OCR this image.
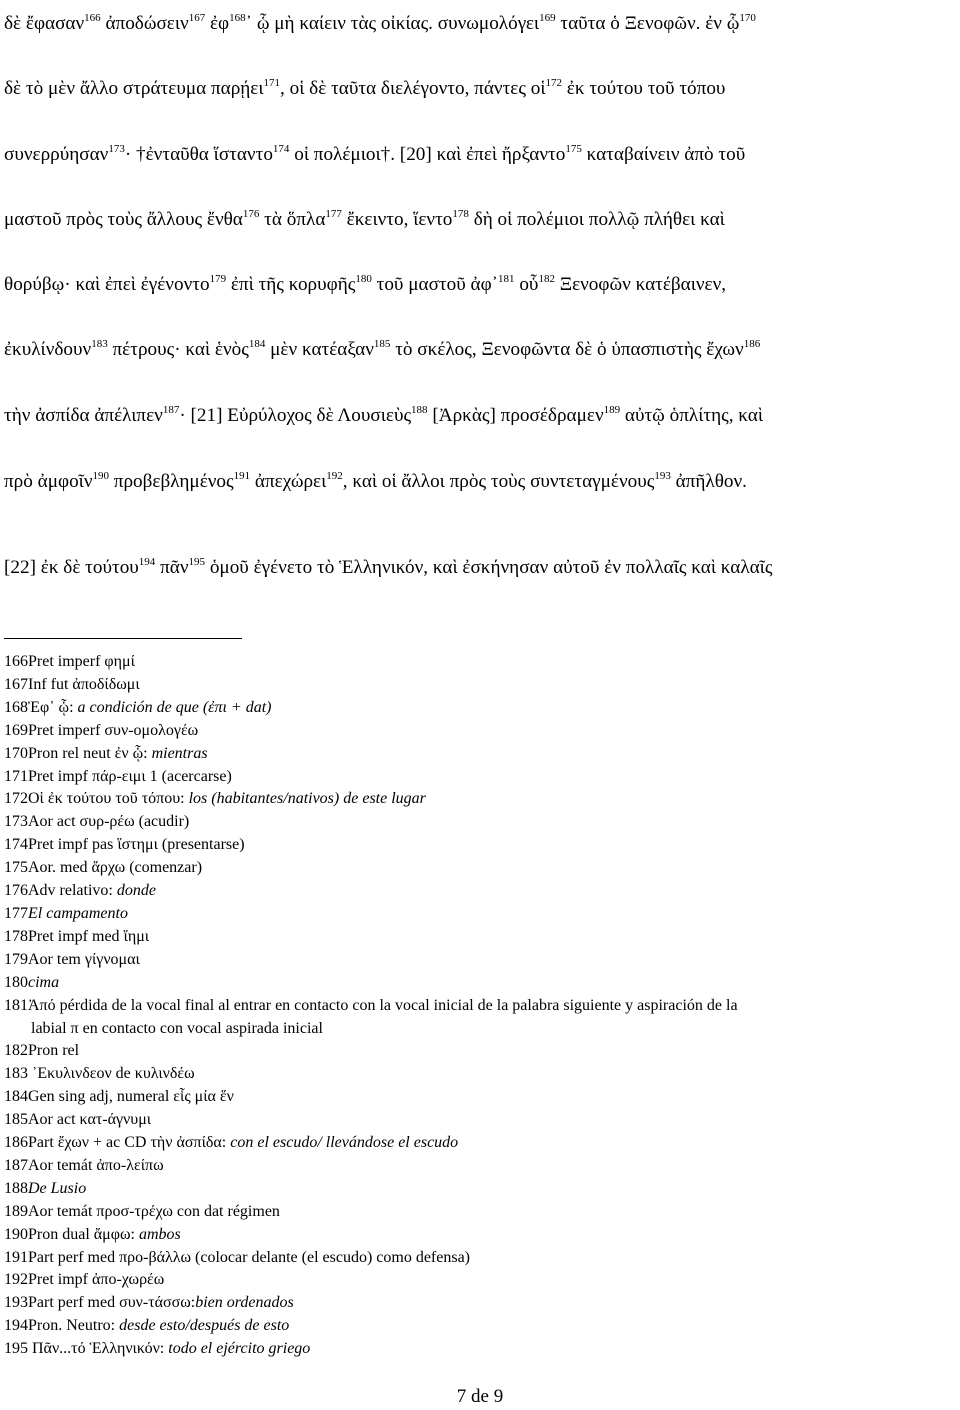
δὲ ἔφασαν$^{166}$ ἀποδώσειν$^{167}$ ἐφ$^{168}$᾽ ᾧ μὴ καίειν τὰς οἰκίας. συνωμολόγει$^{169}$ ταῦτα ὁ Ξενοφῶν. ἐν ᾧ$^{170}$
δὲ τὸ μὲν ἄλλο στράτευμα παρῄει$^{171}$, οἱ δὲ ταῦτα διελέγοντο, πάντες οἱ$^{172}$ ἐκ τούτου τοῦ τόπου
συνερρύησαν$^{173}$· †ἐνταῦθα ἵσταντο$^{174}$ οἱ πολέμιοι†. [20] καὶ ἐπεὶ ἤρξαντο$^{175}$ καταβαίνειν ἀπὸ τοῦ
μαστοῦ πρὸς τοὺς ἄλλους ἔνθα$^{176}$ τὰ ὅπλα$^{177}$ ἔκειντο, ἵεντο$^{178}$ δὴ οἱ πολέμιοι πολλῷ πλήθει καὶ
θορύβῳ· καὶ ἐπεὶ ἐγένοντο$^{179}$ ἐπὶ τῆς κορυφῆς$^{180}$ τοῦ μαστοῦ ἀφ᾽$^{181}$ οὗ$^{182}$ Ξενοφῶν κατέβαινεν,
ἐκυλίνδουν$^{183}$ πέτρους· καὶ ἑνὸς$^{184}$ μὲν κατέαξαν$^{185}$ τὸ σκέλος, Ξενοφῶντα δὲ ὁ ὑπασπιστὴς ἔχων$^{186}$
τὴν ἀσπίδα ἀπέλιπεν$^{187}$· [21] Εὐρύλοχος δὲ Λουσιεὺς$^{188}$ [Ἀρκὰς] προσέδραμεν$^{189}$ αὐτῷ ὁπλίτης, καὶ
πρὸ ἀμφοῖν$^{190}$ προβεβλημένος$^{191}$ ἀπεχώρει$^{192}$, καὶ οἱ ἄλλοι πρὸς τοὺς συντεταγμένους$^{193}$ ἀπῆλθον.
[22] ἐκ δὲ τούτου$^{194}$ πᾶν$^{195}$ ὁμοῦ ἐγένετο τὸ Ἑλληνικόν, καὶ ἐσκήνησαν αὐτοῦ ἐν πολλαῖς καὶ καλαῖς
166Pret imperf φημί
167Inf fut ἀποδίδωμι
168Ἐφ᾽ ᾧ: a condición de que (ἐπι + dat)
169Pret imperf συν-ομολογέω
170Pron rel neut ἐν ᾧ: mientras
171Pret impf πάρ-ειμι 1 (acercarse)
172Οἱ ἐκ τούτου τοῦ τόπου: los (habitantes/nativos) de este lugar
173Aor act συρ-ρέω (acudir)
174Pret impf pas ἵστημι (presentarse)
175Aor. med ἄρχω (comenzar)
176Adv relativo: donde
177El campamento
178Pret impf med ἵημι
179Aor tem γίγνομαι
180cima
181Ἀπό pérdida de la vocal final al entrar en contacto con la vocal inicial de la palabra siguiente y aspiración de la
labial π en contacto con vocal aspirada inicial
182Pron rel
183 ᾽Εκυλινδεον de κυλινδέω
184Gen sing adj, numeral εἷς μία ἕν
185Aor act κατ-άγνυμι
186Part ἔχων + ac CD τὴν ἀσπίδα: con el escudo/ llevándose el escudo
187Aor temát ἀπο-λείπω
188De Lusio
189Aor temát προσ-τρέχω con dat régimen
190Pron dual ἄμφω: ambos
191Part perf med προ-βάλλω (colocar delante (el escudo) como defensa)
192Pret impf ἀπο-χωρέω
193Part perf med συν-τάσσω:bien ordenados
194Pron. Neutro: desde esto/después de esto
195 Πᾶν...τό Ἑλληνικόν: todo el ejército griego
7 de 9
